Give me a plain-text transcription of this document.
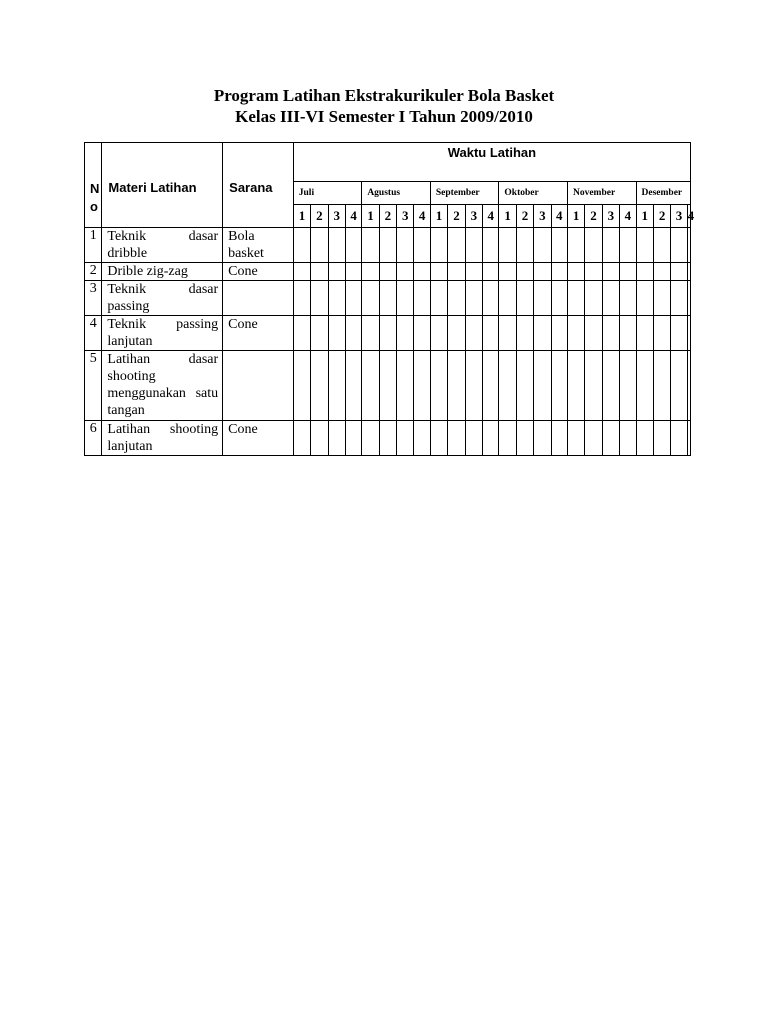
Program Latihan Ekstrakurikuler Bola Basket
Kelas III-VI Semester I Tahun 2009/2010
N o	Materi Latihan	Sarana	Waktu Latihan																							
			Juli				Agustus				September				Oktober				November				Desember			
			1	2	3	4	1	2	3	4	1	2	3	4	1	2	3	4	1	2	3	4	1	2	3	4
1	Teknik dasar dribble	Bola basket																								
2	Drible zig-zag	Cone																								
3	Teknik dasar passing																									
4	Teknik passing lanjutan	Cone																								
5	Latihan dasar shooting menggunakan satu tangan																									
6	Latihan shooting lanjutan	Cone																								
